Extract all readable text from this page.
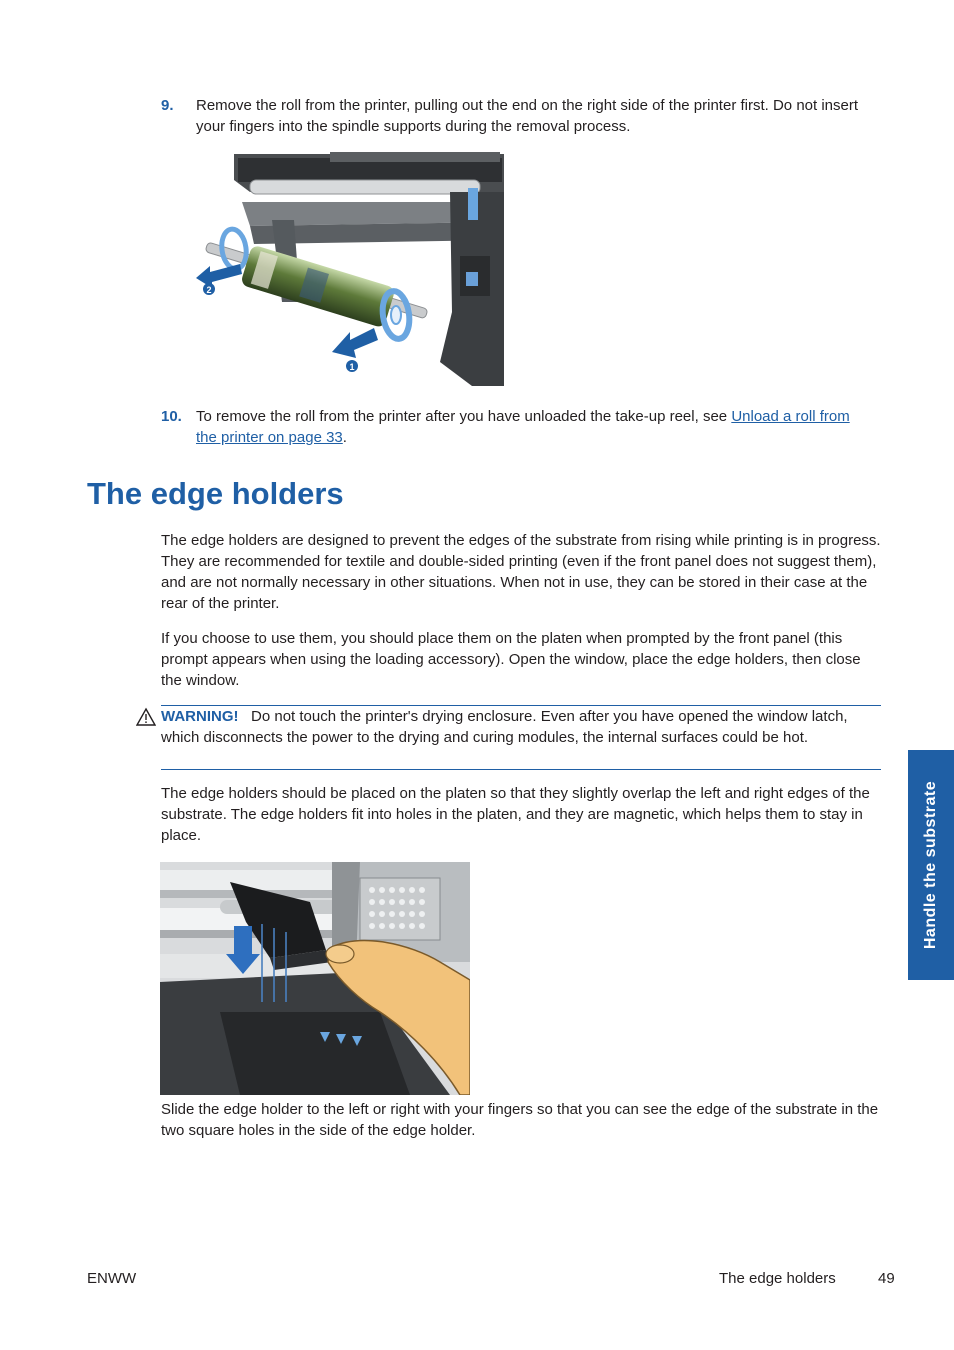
9. Remove the roll from the printer, pulling out the end on the right side of the printer first. Do not insert your fingers into the spindle supports during the removal process.
2
1
10. To remove the roll from the printer after you have unloaded the take-up reel, see Unload a roll from the printer on page 33.
The edge holders
The edge holders are designed to prevent the edges of the substrate from rising while printing is in progress. They are recommended for textile and double-sided printing (even if the front panel does not suggest them), and are not normally necessary in other situations. When not in use, they can be stored in their case at the rear of the printer.
If you choose to use them, you should place them on the platen when prompted by the front panel (this prompt appears when using the loading accessory). Open the window, place the edge holders, then close the window.
WARNING! Do not touch the printer's drying enclosure. Even after you have opened the window latch, which disconnects the power to the drying and curing modules, the internal surfaces could be hot.
The edge holders should be placed on the platen so that they slightly overlap the left and right edges of the substrate. The edge holders fit into holes in the platen, and they are magnetic, which helps them to stay in place.
Slide the edge holder to the left or right with your fingers so that you can see the edge of the substrate in the two square holes in the side of the edge holder.
Handle the substrate
ENWW	The edge holders	49
